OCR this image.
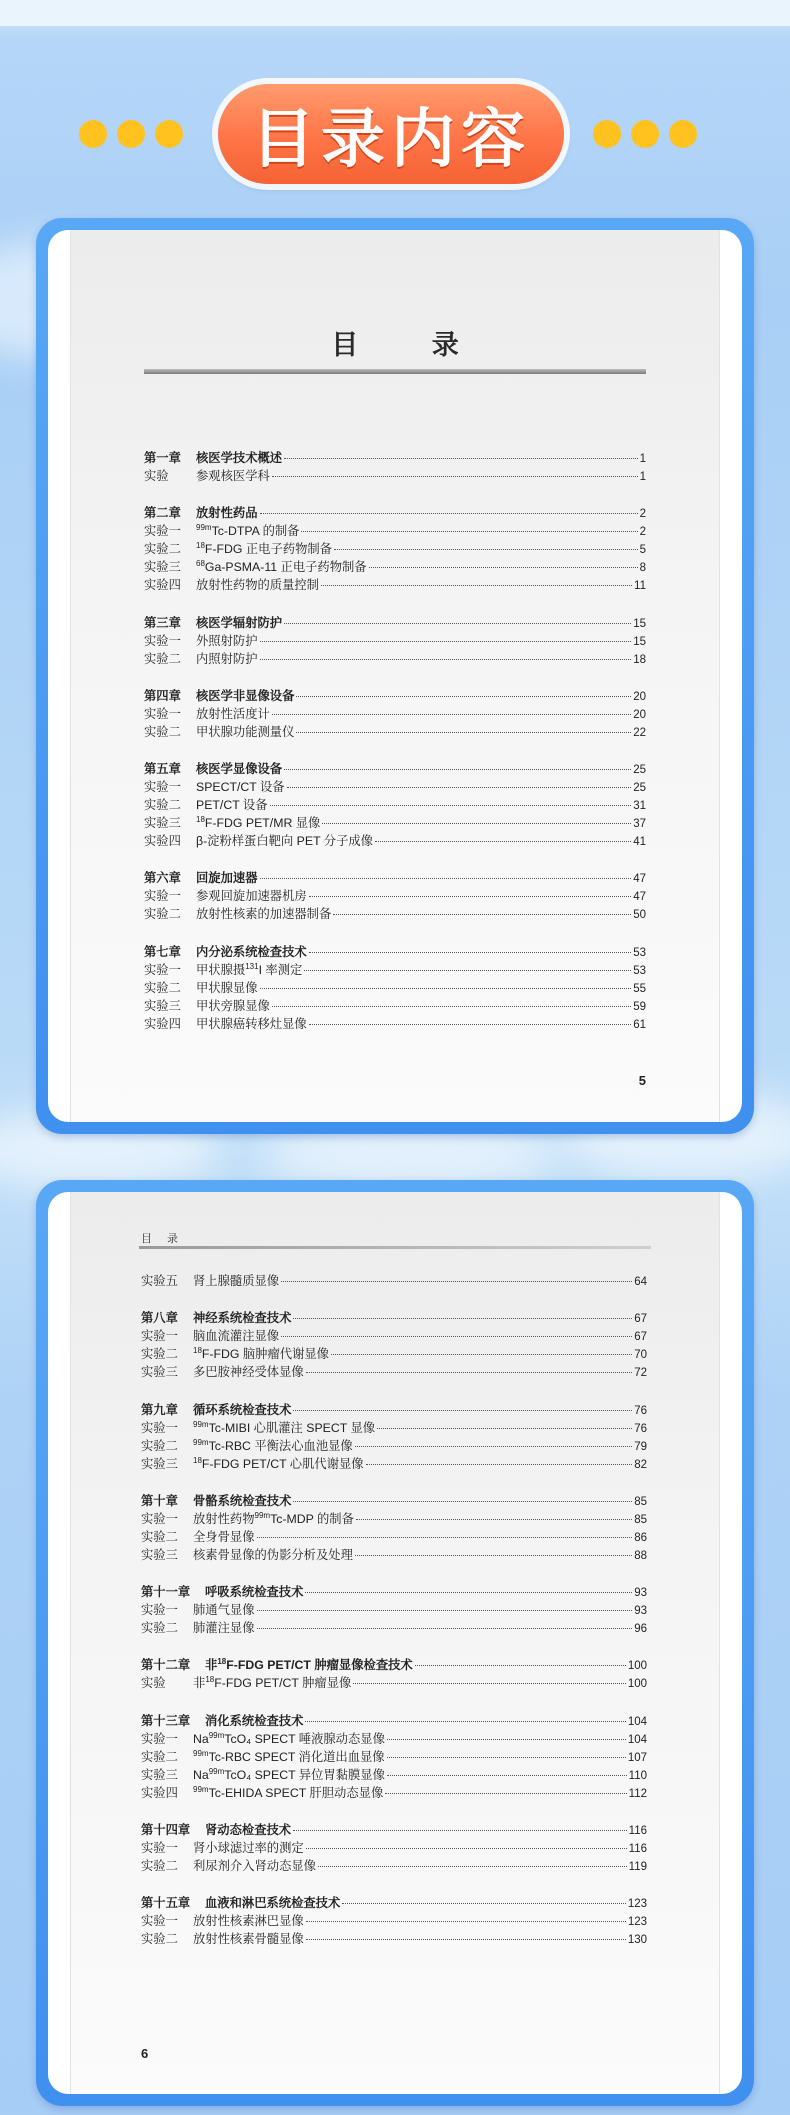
目录内容
目 录
第一章	核医学技术概述	1
实验	参观核医学科	1
第二章	放射性药品	2
实验一	$^{99m}$Tc-DTPA 的制备	2
实验二	$^{18}$F-FDG 正电子药物制备	5
实验三	$^{68}$Ga-PSMA-11 正电子药物制备	8
实验四	放射性药物的质量控制	11
第三章	核医学辐射防护	15
实验一	外照射防护	15
实验二	内照射防护	18
第四章	核医学非显像设备	20
实验一	放射性活度计	20
实验二	甲状腺功能测量仪	22
第五章	核医学显像设备	25
实验一	SPECT/CT 设备	25
实验二	PET/CT 设备	31
实验三	$^{18}$F-FDG PET/MR 显像	37
实验四	β-淀粉样蛋白靶向 PET 分子成像	41
第六章	回旋加速器	47
实验一	参观回旋加速器机房	47
实验二	放射性核素的加速器制备	50
第七章	内分泌系统检查技术	53
实验一	甲状腺摄$^{131}$I 率测定	53
实验二	甲状腺显像	55
实验三	甲状旁腺显像	59
实验四	甲状腺癌转移灶显像	61
5
目 录
实验五	肾上腺髓质显像	64
第八章	神经系统检查技术	67
实验一	脑血流灌注显像	67
实验二	$^{18}$F-FDG 脑肿瘤代谢显像	70
实验三	多巴胺神经受体显像	72
第九章	循环系统检查技术	76
实验一	$^{99m}$Tc-MIBI 心肌灌注 SPECT 显像	76
实验二	$^{99m}$Tc-RBC 平衡法心血池显像	79
实验三	$^{18}$F-FDG PET/CT 心肌代谢显像	82
第十章	骨骼系统检查技术	85
实验一	放射性药物$^{99m}$Tc-MDP 的制备	85
实验二	全身骨显像	86
实验三	核素骨显像的伪影分析及处理	88
第十一章	呼吸系统检查技术	93
实验一	肺通气显像	93
实验二	肺灌注显像	96
第十二章	非$^{18}$F-FDG PET/CT 肿瘤显像检查技术	100
实验	非$^{18}$F-FDG PET/CT 肿瘤显像	100
第十三章	消化系统检查技术	104
实验一	$Na^{99m}TcO_4$ SPECT 唾液腺动态显像	104
实验二	$^{99m}$Tc-RBC SPECT 消化道出血显像	107
实验三	$Na^{99m}TcO_4$ SPECT 异位胃黏膜显像	110
实验四	$^{99m}$Tc-EHIDA SPECT 肝胆动态显像	112
第十四章	肾动态检查技术	116
实验一	肾小球滤过率的测定	116
实验二	利尿剂介入肾动态显像	119
第十五章	血液和淋巴系统检查技术	123
实验一	放射性核素淋巴显像	123
实验二	放射性核素骨髓显像	130
6
